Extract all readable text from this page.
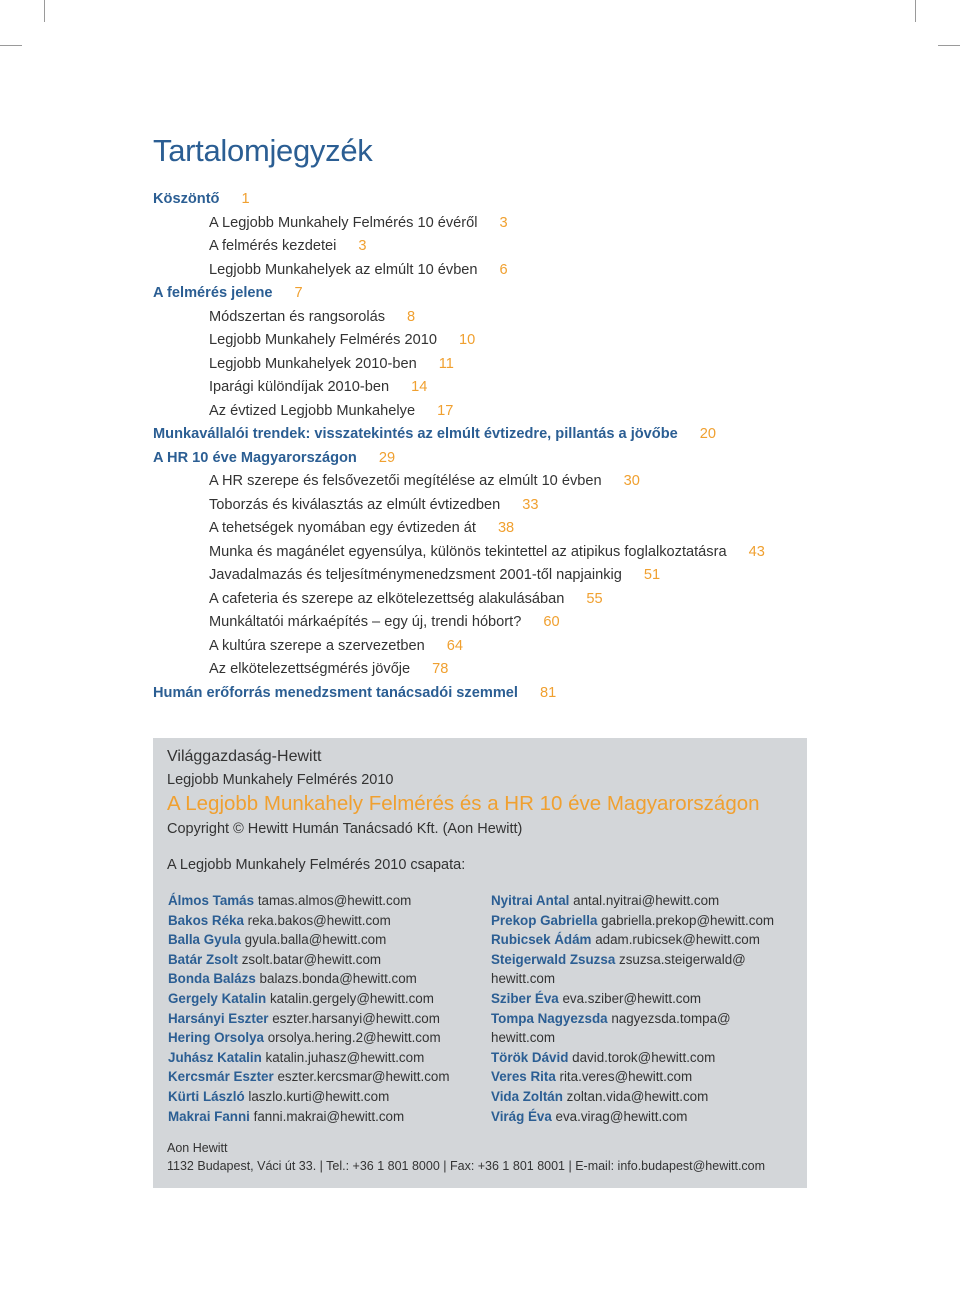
Tartalomjegyzék
Köszöntő 1
A Legjobb Munkahely Felmérés 10 évéről 3
A felmérés kezdetei 3
Legjobb Munkahelyek az elmúlt 10 évben 6
A felmérés jelene 7
Módszertan és rangsorolás 8
Legjobb Munkahely Felmérés 2010 10
Legjobb Munkahelyek 2010-ben 11
Iparági különdíjak 2010-ben 14
Az évtized Legjobb Munkahelye 17
Munkavállalói trendek: visszatekintés az elmúlt évtizedre, pillantás a jövőbe 20
A HR 10 éve Magyarországon 29
A HR szerepe és felsővezetői megítélése az elmúlt 10 évben 30
Toborzás és kiválasztás az elmúlt évtizedben 33
A tehetségek nyomában egy évtizeden át 38
Munka és magánélet egyensúlya, különös tekintettel az atipikus foglalkoztatásra 43
Javadalmazás és teljesítménymenedzsment 2001-től napjainkig 51
A cafeteria és szerepe az elkötelezettség alakulásában 55
Munkáltatói márkaépítés – egy új, trendi hóbort? 60
A kultúra szerepe a szervezetben 64
Az elkötelezettségmérés jövője 78
Humán erőforrás menedzsment tanácsadói szemmel 81
Világgazdaság-Hewitt
Legjobb Munkahely Felmérés 2010
A Legjobb Munkahely Felmérés és a HR 10 éve Magyarországon
Copyright © Hewitt Humán Tanácsadó Kft. (Aon Hewitt)
A Legjobb Munkahely Felmérés 2010 csapata:
Álmos Tamás tamas.almos@hewitt.com
Bakos Réka reka.bakos@hewitt.com
Balla Gyula gyula.balla@hewitt.com
Batár Zsolt zsolt.batar@hewitt.com
Bonda Balázs balazs.bonda@hewitt.com
Gergely Katalin katalin.gergely@hewitt.com
Harsányi Eszter eszter.harsanyi@hewitt.com
Hering Orsolya orsolya.hering.2@hewitt.com
Juhász Katalin katalin.juhasz@hewitt.com
Kercsmár Eszter eszter.kercsmar@hewitt.com
Kürti László laszlo.kurti@hewitt.com
Makrai Fanni fanni.makrai@hewitt.com
Nyitrai Antal antal.nyitrai@hewitt.com
Prekop Gabriella gabriella.prekop@hewitt.com
Rubicsek Ádám adam.rubicsek@hewitt.com
Steigerwald Zsuzsa zsuzsa.steigerwald@
hewitt.com
Sziber Éva eva.sziber@hewitt.com
Tompa Nagyezsda nagyezsda.tompa@
hewitt.com
Török Dávid david.torok@hewitt.com
Veres Rita rita.veres@hewitt.com
Vida Zoltán zoltan.vida@hewitt.com
Virág Éva eva.virag@hewitt.com
Aon Hewitt
1132 Budapest, Váci út 33. | Tel.: +36 1 801 8000 | Fax: +36 1 801 8001 | E-mail: info.budapest@hewitt.com
